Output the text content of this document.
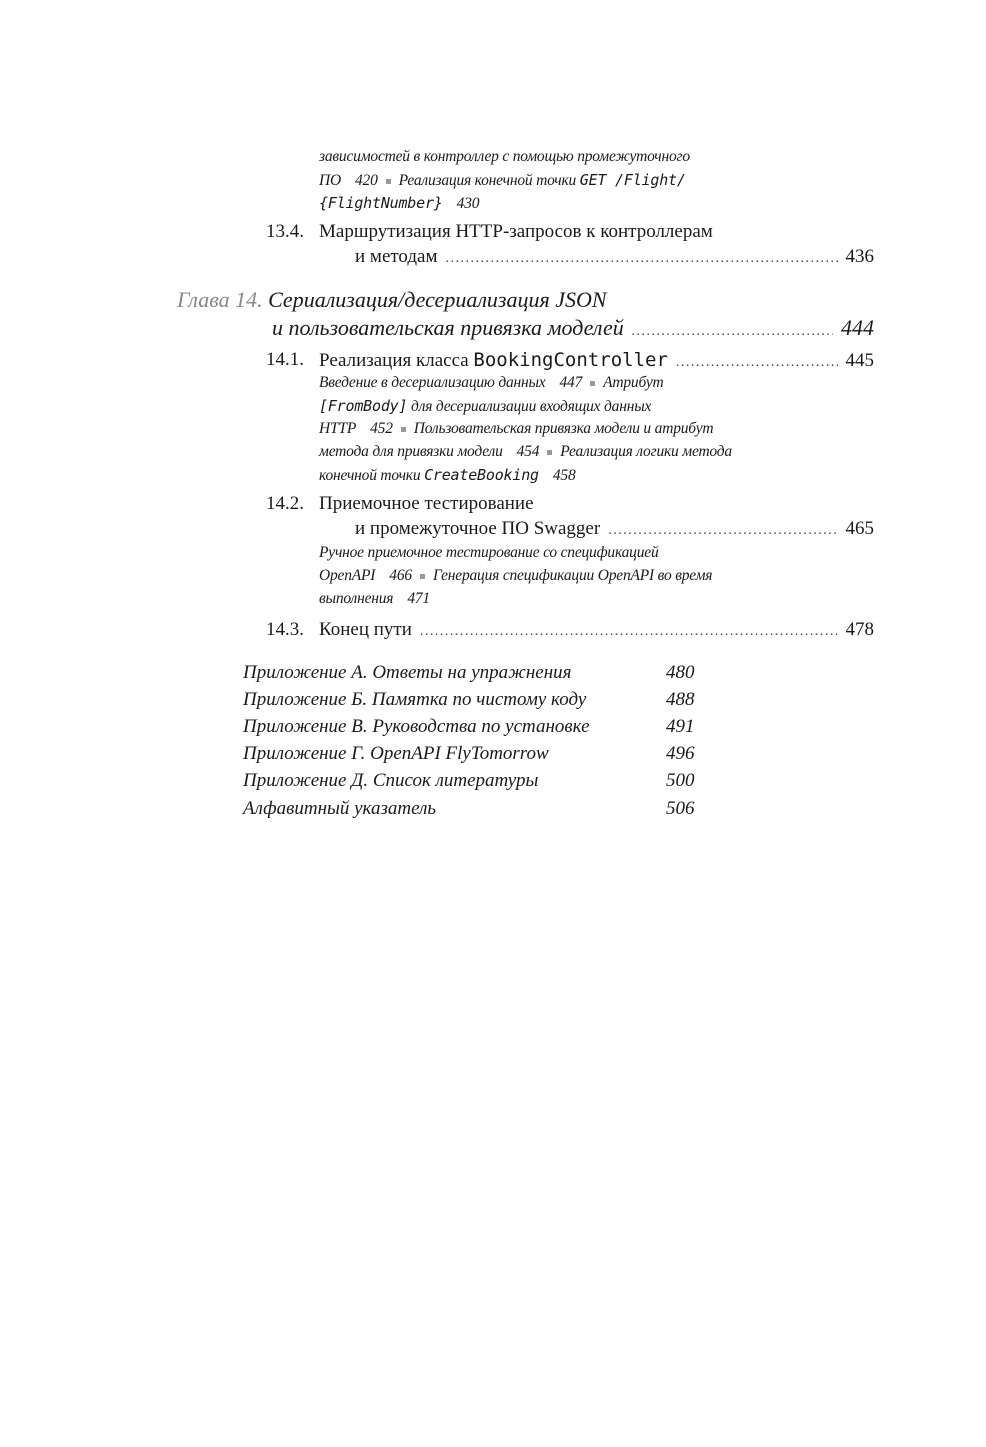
зависимостей в контроллер с помощью промежуточного
ПО 420 Реализация конечной точки GET /Flight/
{FlightNumber} 430
13.4. Маршрутизация HTTP-запросов к контроллерам
и методам . . .	436
Глава 14. Сериализация/десериализация JSON
и пользовательская привязка моделей . . .	444
14.1. Реализация класса BookingController . . .	445
Введение в десериализацию данных 447 Атрибут
[FromBody] для десериализации входящих данных
HTTP 452 Пользовательская привязка модели и атрибут
метода для привязки модели 454 Реализация логики метода
конечной точки CreateBooking 458
14.2. Приемочное тестирование
и промежуточное ПО Swagger . . .	465
Ручное приемочное тестирование со спецификацией
OpenAPI 466 Генерация спецификации OpenAPI во время
выполнения 471
14.3. Конец пути . . .	478
Приложение А. Ответы на упражнения	480
Приложение Б. Памятка по чистому коду	488
Приложение В. Руководства по установке	491
Приложение Г. OpenAPI FlyTomorrow	496
Приложение Д. Список литературы	500
Алфавитный указатель	506
